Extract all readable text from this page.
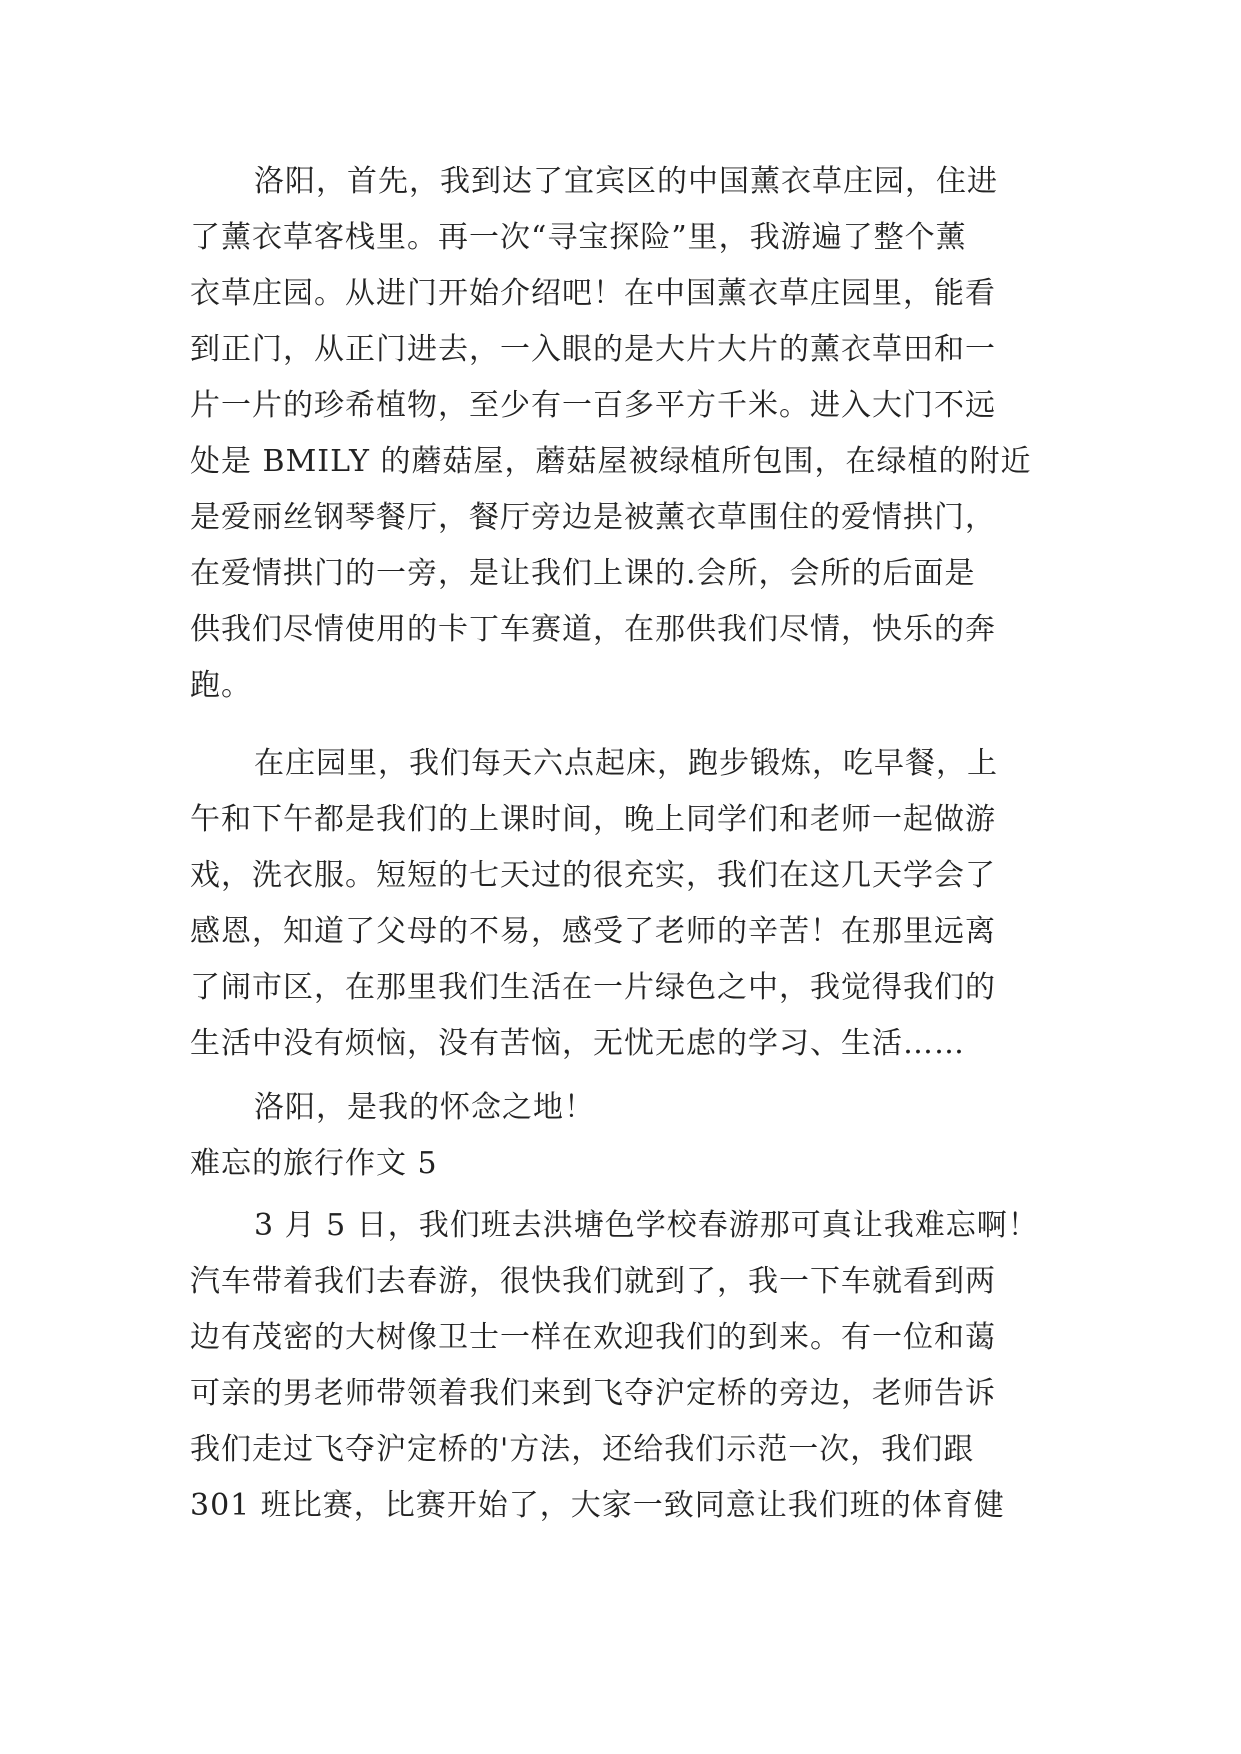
洛阳，首先，我到达了宜宾区的中国薰衣草庄园，住进
了薰衣草客栈里。再一次“寻宝探险”里，我游遍了整个薰
衣草庄园。从进门开始介绍吧！在中国薰衣草庄园里，能看
到正门，从正门进去，一入眼的是大片大片的薰衣草田和一
片一片的珍希植物，至少有一百多平方千米。进入大门不远
处是 BMILY 的蘑菇屋，蘑菇屋被绿植所包围，在绿植的附近
是爱丽丝钢琴餐厅，餐厅旁边是被薰衣草围住的爱情拱门，
在爱情拱门的一旁，是让我们上课的.会所，会所的后面是
供我们尽情使用的卡丁车赛道，在那供我们尽情，快乐的奔
跑。
在庄园里，我们每天六点起床，跑步锻炼，吃早餐，上
午和下午都是我们的上课时间，晚上同学们和老师一起做游
戏，洗衣服。短短的七天过的很充实，我们在这几天学会了
感恩，知道了父母的不易，感受了老师的辛苦！在那里远离
了闹市区，在那里我们生活在一片绿色之中，我觉得我们的
生活中没有烦恼，没有苦恼，无忧无虑的学习、生活……
洛阳，是我的怀念之地！
难忘的旅行作文 5
3 月 5 日，我们班去洪塘色学校春游那可真让我难忘啊！
汽车带着我们去春游，很快我们就到了，我一下车就看到两
边有茂密的大树像卫士一样在欢迎我们的到来。有一位和蔼
可亲的男老师带领着我们来到飞夺沪定桥的旁边，老师告诉
我们走过飞夺沪定桥的'方法，还给我们示范一次，我们跟
301 班比赛，比赛开始了，大家一致同意让我们班的体育健
